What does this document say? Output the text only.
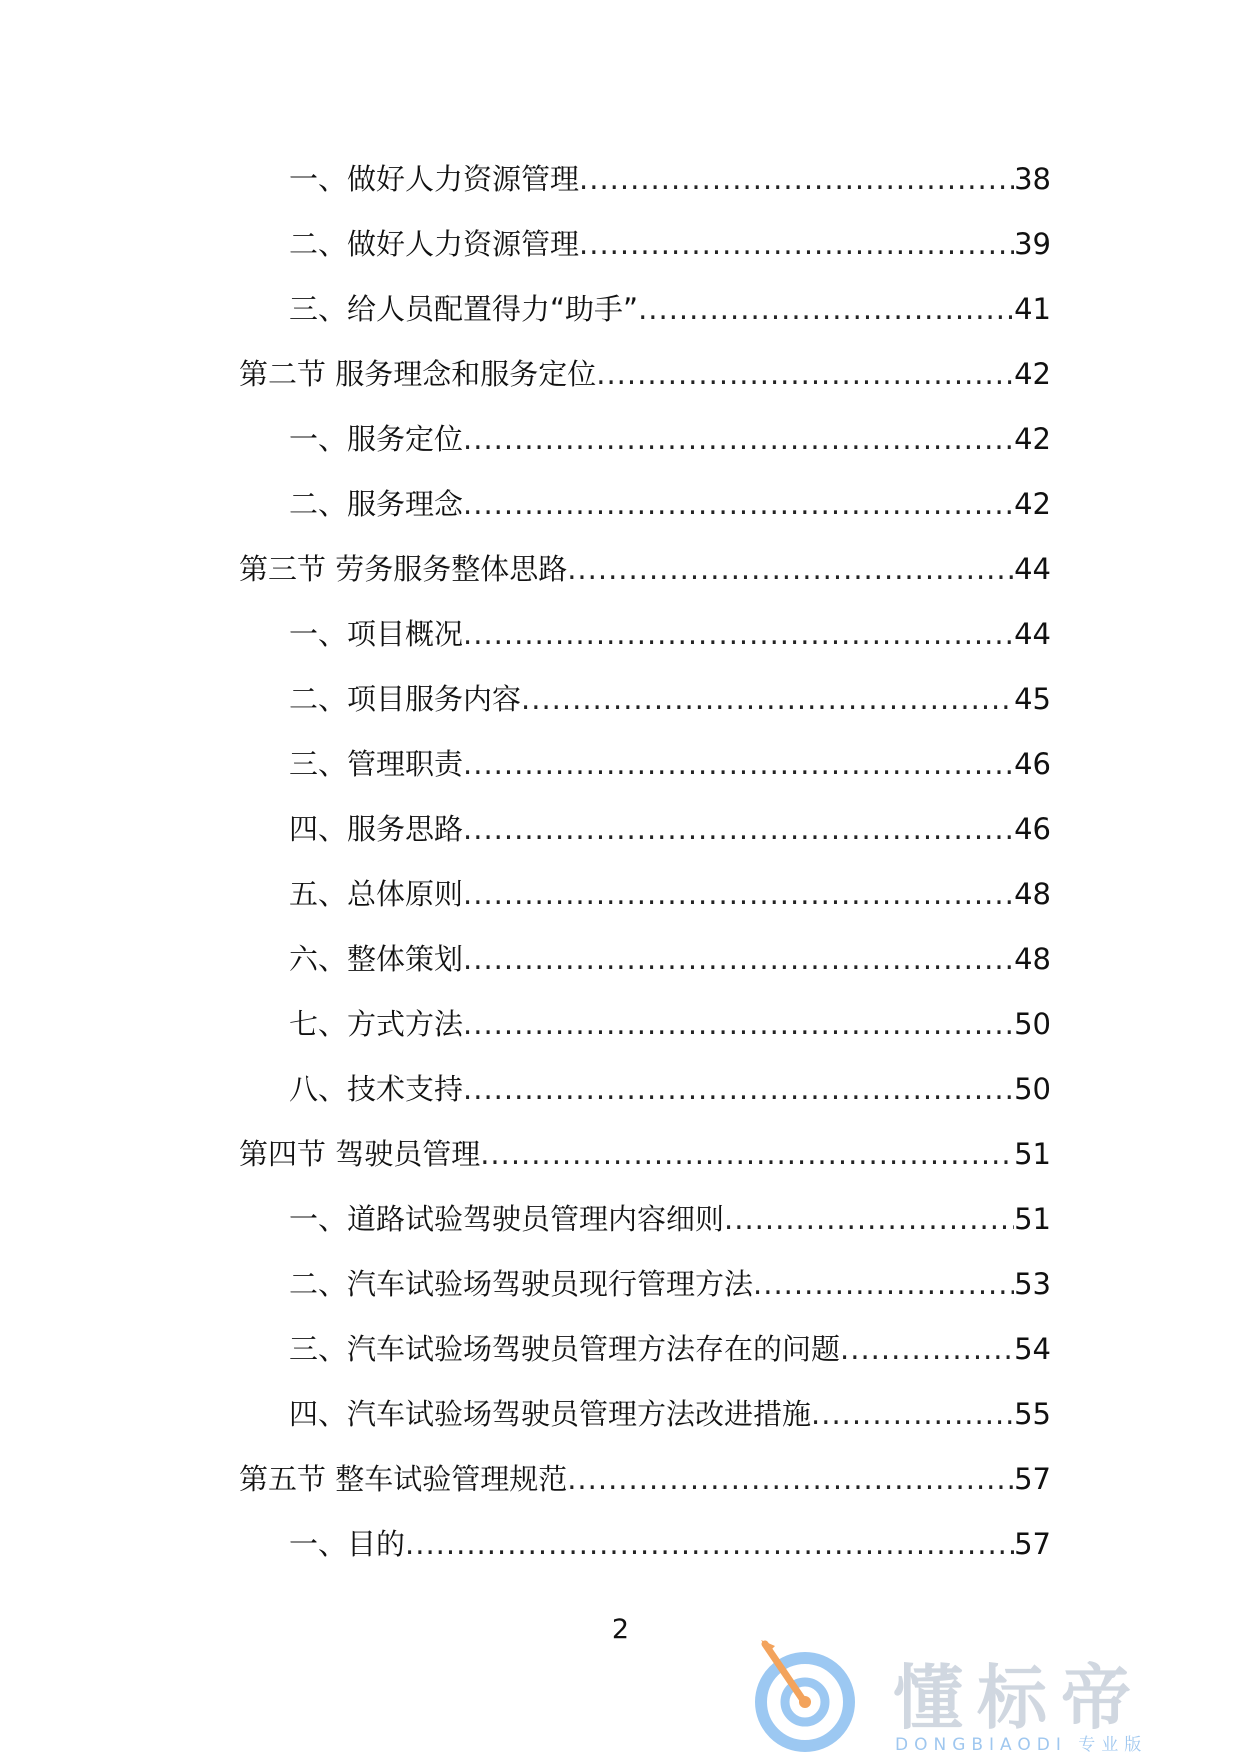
一、做好人力资源管理 .....	38
二、做好人力资源管理 .....	39
三、给人员配置得力“助手” .....	41
第二节 服务理念和服务定位 .....	42
一、服务定位 .....	42
二、服务理念 .....	42
第三节 劳务服务整体思路 .....	44
一、项目概况 .....	44
二、项目服务内容 .....	45
三、管理职责 .....	46
四、服务思路 .....	46
五、总体原则 .....	48
六、整体策划 .....	48
七、方式方法 .....	50
八、技术支持 .....	50
第四节 驾驶员管理 .....	51
一、道路试验驾驶员管理内容细则 .....	51
二、汽车试验场驾驶员现行管理方法 .....	53
三、汽车试验场驾驶员管理方法存在的问题 .....	54
四、汽车试验场驾驶员管理方法改进措施 .....	55
第五节 整车试验管理规范 .....	57
一、目的 .....	57
2
懂标帝
DONGBIAODI 专业版
